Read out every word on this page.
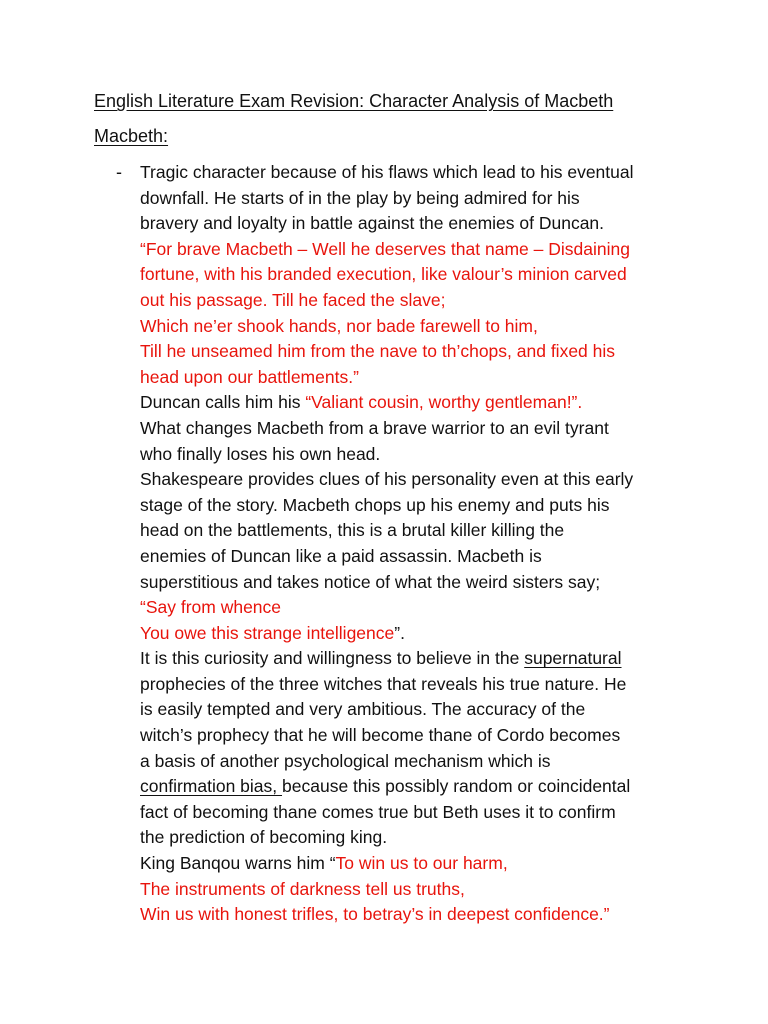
English Literature Exam Revision: Character Analysis of Macbeth
Macbeth:
- Tragic character because of his flaws which lead to his eventual
downfall. He starts of in the play by being admired for his
bravery and loyalty in battle against the enemies of Duncan.
“For brave Macbeth – Well he deserves that name – Disdaining
fortune, with his branded execution, like valour’s minion carved
out his passage. Till he faced the slave;
Which ne’er shook hands, nor bade farewell to him,
Till he unseamed him from the nave to th’chops, and fixed his
head upon our battlements.”
Duncan calls him his “Valiant cousin, worthy gentleman!”.
What changes Macbeth from a brave warrior to an evil tyrant
who finally loses his own head.
Shakespeare provides clues of his personality even at this early
stage of the story. Macbeth chops up his enemy and puts his
head on the battlements, this is a brutal killer killing the
enemies of Duncan like a paid assassin. Macbeth is
superstitious and takes notice of what the weird sisters say;
“Say from whence
You owe this strange intelligence”.
It is this curiosity and willingness to believe in the supernatural
prophecies of the three witches that reveals his true nature. He
is easily tempted and very ambitious. The accuracy of the
witch’s prophecy that he will become thane of Cordo becomes
a basis of another psychological mechanism which is
confirmation bias, because this possibly random or coincidental
fact of becoming thane comes true but Beth uses it to confirm
the prediction of becoming king.
King Banqou warns him “To win us to our harm,
The instruments of darkness tell us truths,
Win us with honest trifles, to betray’s in deepest confidence.”
